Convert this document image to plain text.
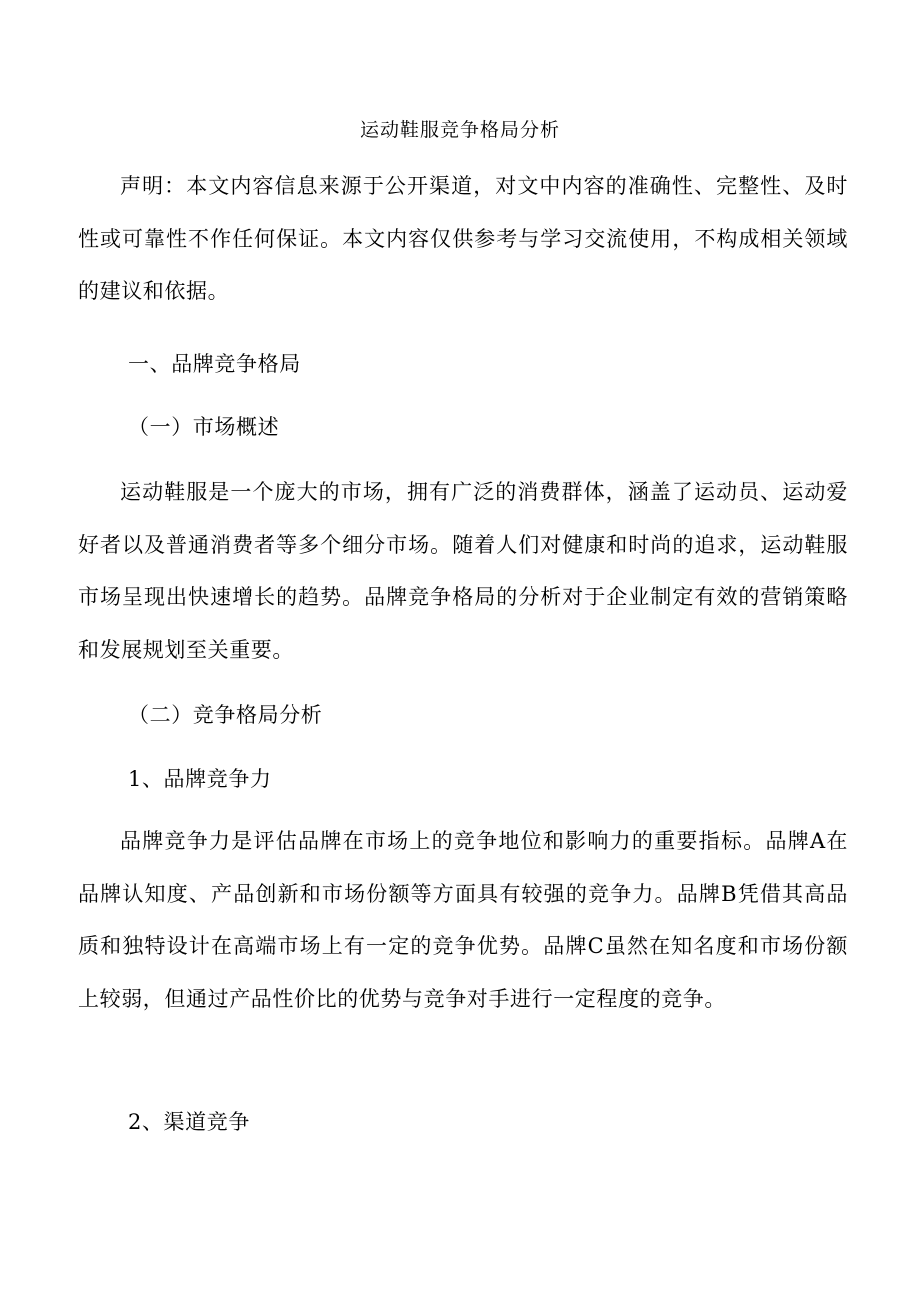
运动鞋服竞争格局分析

声明：本文内容信息来源于公开渠道，对文中内容的准确性、完整性、及时性或可靠性不作任何保证。本文内容仅供参考与学习交流使用，不构成相关领域的建议和依据。

一、品牌竞争格局
（一）市场概述

运动鞋服是一个庞大的市场，拥有广泛的消费群体，涵盖了运动员、运动爱好者以及普通消费者等多个细分市场。随着人们对健康和时尚的追求，运动鞋服市场呈现出快速增长的趋势。品牌竞争格局的分析对于企业制定有效的营销策略和发展规划至关重要。

（二）竞争格局分析
1、品牌竞争力

品牌竞争力是评估品牌在市场上的竞争地位和影响力的重要指标。品牌A在品牌认知度、产品创新和市场份额等方面具有较强的竞争力。品牌B凭借其高品质和独特设计在高端市场上有一定的竞争优势。品牌C虽然在知名度和市场份额上较弱，但通过产品性价比的优势与竞争对手进行一定程度的竞争。

2、渠道竞争
